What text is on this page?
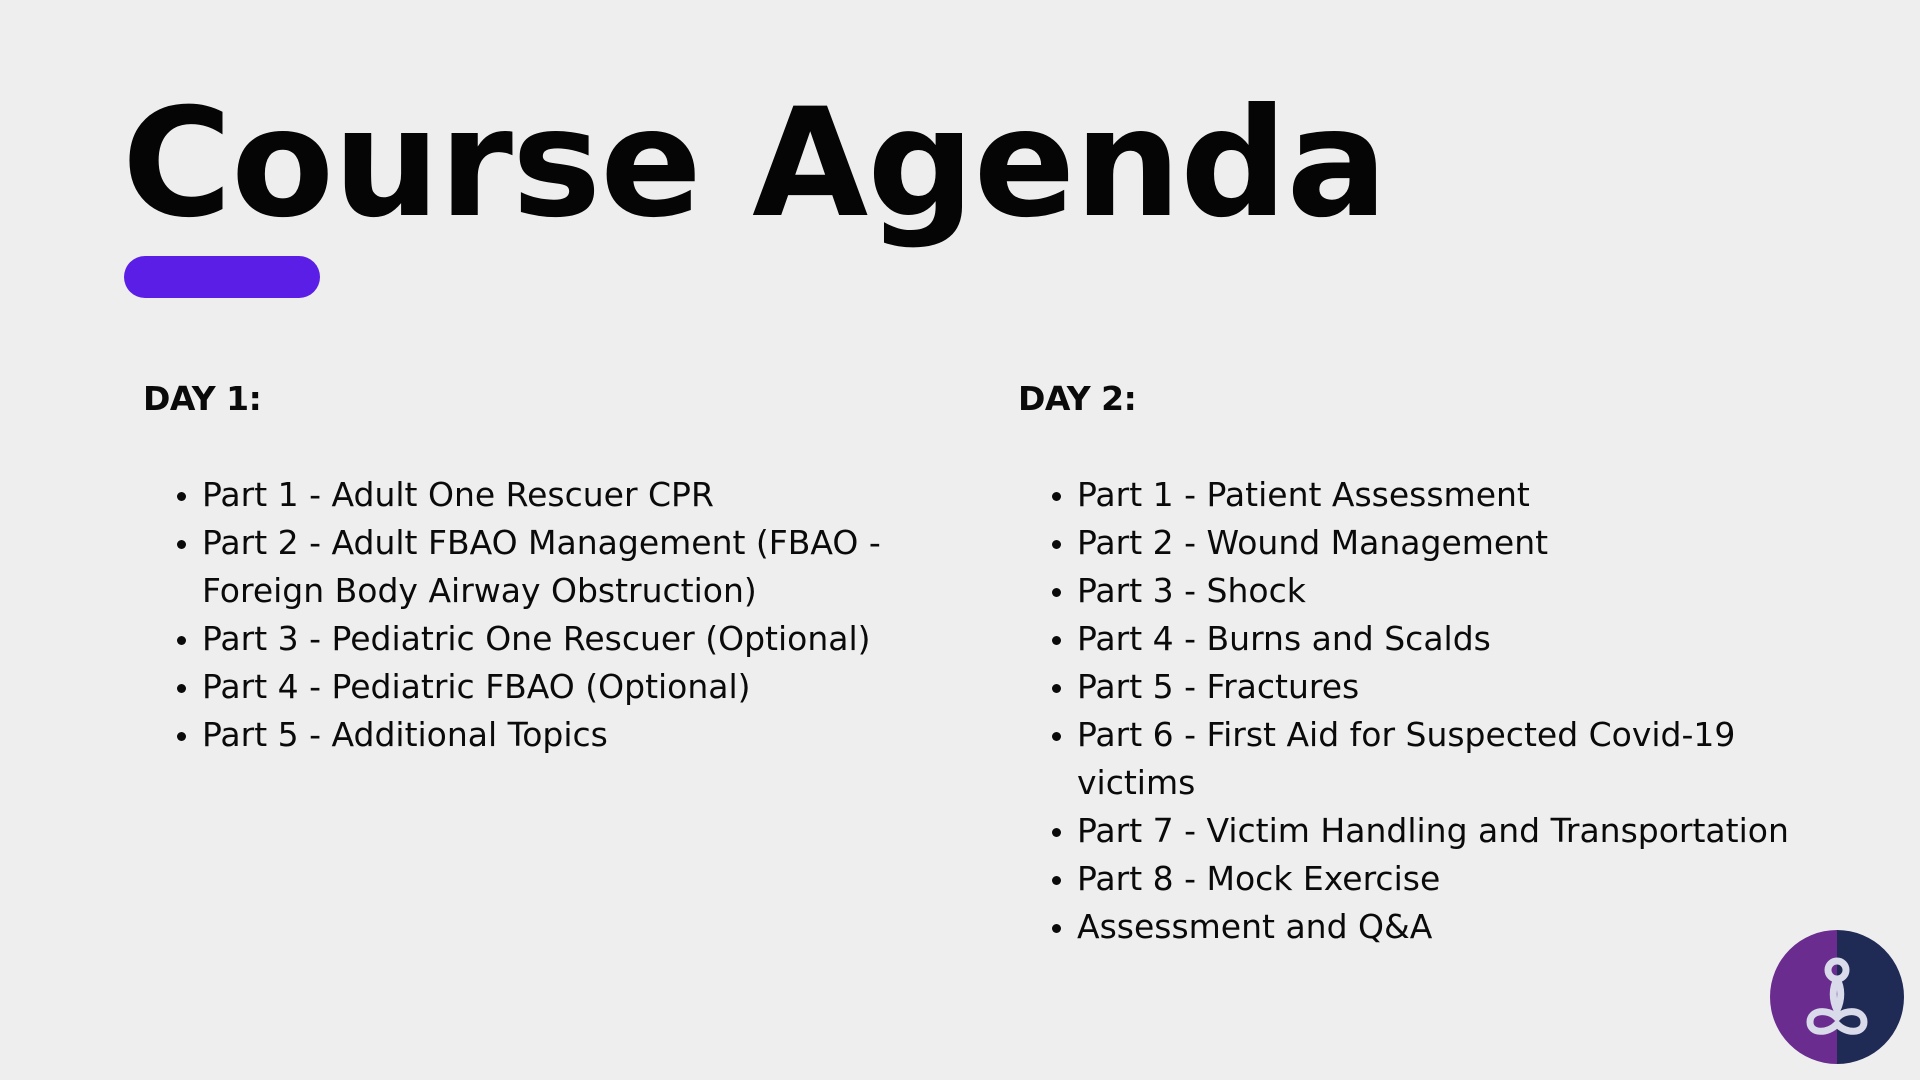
Course Agenda
DAY 1:
• Part 1 - Adult One Rescuer CPR
• Part 2 - Adult FBAO Management (FBAO - Foreign Body Airway Obstruction)
• Part 3 - Pediatric One Rescuer (Optional)
• Part 4 - Pediatric FBAO (Optional)
• Part 5 - Additional Topics
DAY 2:
• Part 1 - Patient Assessment
• Part 2 - Wound Management
• Part 3 - Shock
• Part 4 - Burns and Scalds
• Part 5 - Fractures
• Part 6 - First Aid for Suspected Covid-19 victims
• Part 7 - Victim Handling and Transportation
• Part 8 - Mock Exercise
• Assessment and Q&A
